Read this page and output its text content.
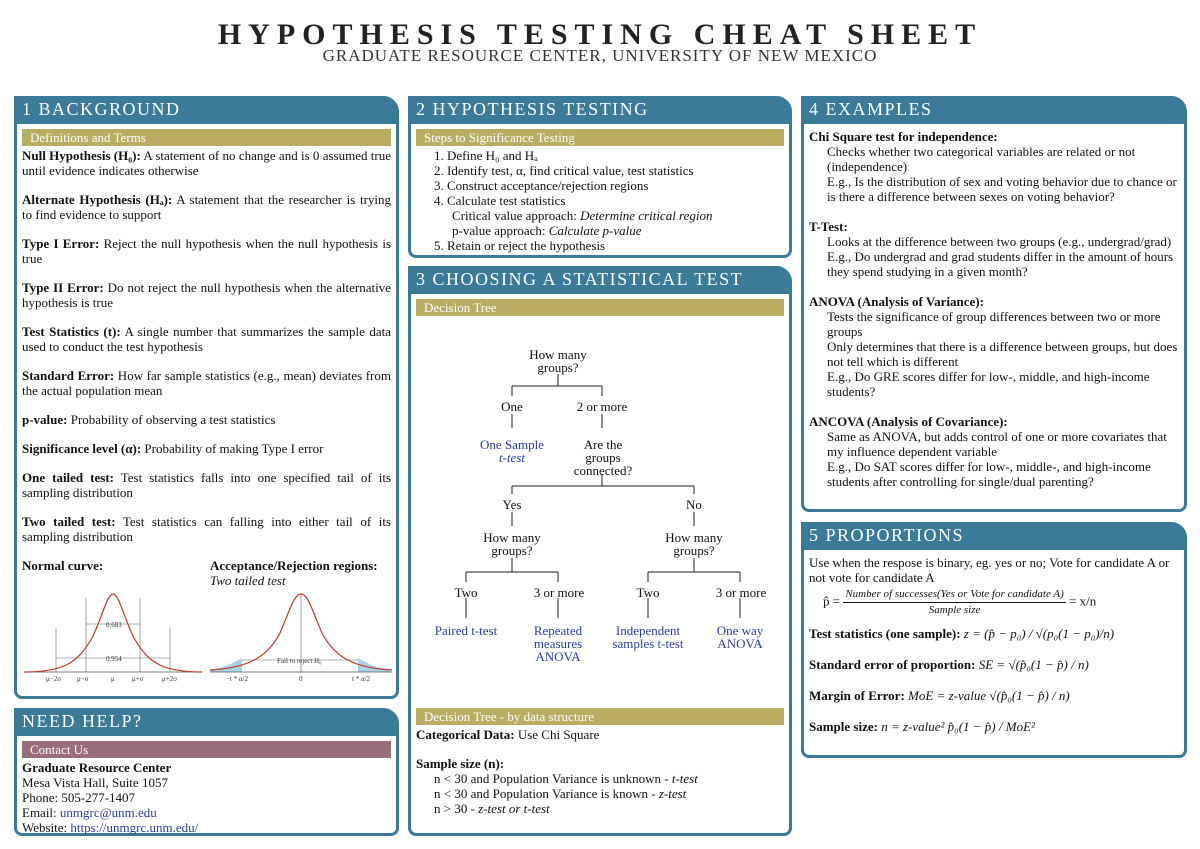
HYPOTHESIS TESTING CHEAT SHEET
GRADUATE RESOURCE CENTER, UNIVERSITY OF NEW MEXICO
1 BACKGROUND
Definitions and Terms

Null Hypothesis (H₀): A statement of no change and is 0 assumed true until evidence indicates otherwise

Alternate Hypothesis (Hₐ): A statement that the researcher is trying to find evidence to support

Type I Error: Reject the null hypothesis when the null hypothesis is true

Type II Error: Do not reject the null hypothesis when the alternative hypothesis is true

Test Statistics (t): A single number that summarizes the sample data used to conduct the test hypothesis

Standard Error: How far sample statistics (e.g., mean) deviates from the actual population mean

p-value: Probability of observing a test statistics

Significance level (α): Probability of making Type I error

One tailed test: Test statistics falls into one specified tail of its sampling distribution

Two tailed test: Test statistics can falling into either tail of its sampling distribution

Normal curve:	Acceptance/Rejection regions:
Two tailed test
0.683
0.954
μ−2σ μ−σ	μ μ+σ	μ+2σ
Fail to reject H₀
−t * α/2	0	t * α/2
NEED HELP?
Contact Us
Graduate Resource Center
Mesa Vista Hall, Suite 1057
Phone: 505-277-1407
Email: unmgrc@unm.edu
Website: https://unmgrc.unm.edu/
2 HYPOTHESIS TESTING
Steps to Significance Testing
1. Define H₀ and Hₐ
2. Identify test, α, find critical value, test statistics
3. Construct acceptance/rejection regions
4. Calculate test statistics
Critical value approach: Determine critical region
p-value approach: Calculate p-value
5. Retain or reject the hypothesis
3 CHOOSING A STATISTICAL TEST
Decision Tree
How many groups?
One	2 or more
One Sample
t-test
Are the groups connected?
Yes	No
How many groups?
How many groups?
Two	3 or more	Two	3 or more
Paired t-test	Repeated measures ANOVA
Independent samples t-test
One way ANOVA
Decision Tree - by data structure
Categorical Data: Use Chi Square
Sample size (n):
n < 30 and Population Variance is unknown - t-test
n < 30 and Population Variance is known - z-test
n > 30 - z-test or t-test
4 EXAMPLES
Chi Square test for independence:
Checks whether two categorical variables are related or not (independence)
E.g., Is the distribution of sex and voting behavior due to chance or is there a difference between sexes on voting behavior?
T-Test:
Looks at the difference between two groups (e.g., undergrad/grad)
E.g., Do undergrad and grad students differ in the amount of hours they spend studying in a given month?
ANOVA (Analysis of Variance):
Tests the significance of group differences between two or more groups
Only determines that there is a difference between groups, but does not tell which is different
E.g., Do GRE scores differ for low-, middle, and high-income students?
ANCOVA (Analysis of Covariance):
Same as ANOVA, but adds control of one or more covariates that my influence dependent variable
E.g., Do SAT scores differ for low-, middle-, and high-income students after controlling for single/dual parenting?
5 PROPORTIONS
Use when the respose is binary, eg. yes or no; Vote for candidate A or not vote for candidate A
p̂ = $\frac{\text{Number of successes(Yes or Vote for candidate A)}}{\text{Sample size}} = x/n$
Test statistics (one sample): z = (p̂ − p₀) / √(p₀(1 − p₀)/n)
Standard error of proportion: SE = √(p̂₀(1 − p̂) / n)
Margin of Error: MoE = z-value √(p̂₀(1 − p̂) / n)
Sample size: n = z-value² p̂₀(1 − p̂) / MoE²
